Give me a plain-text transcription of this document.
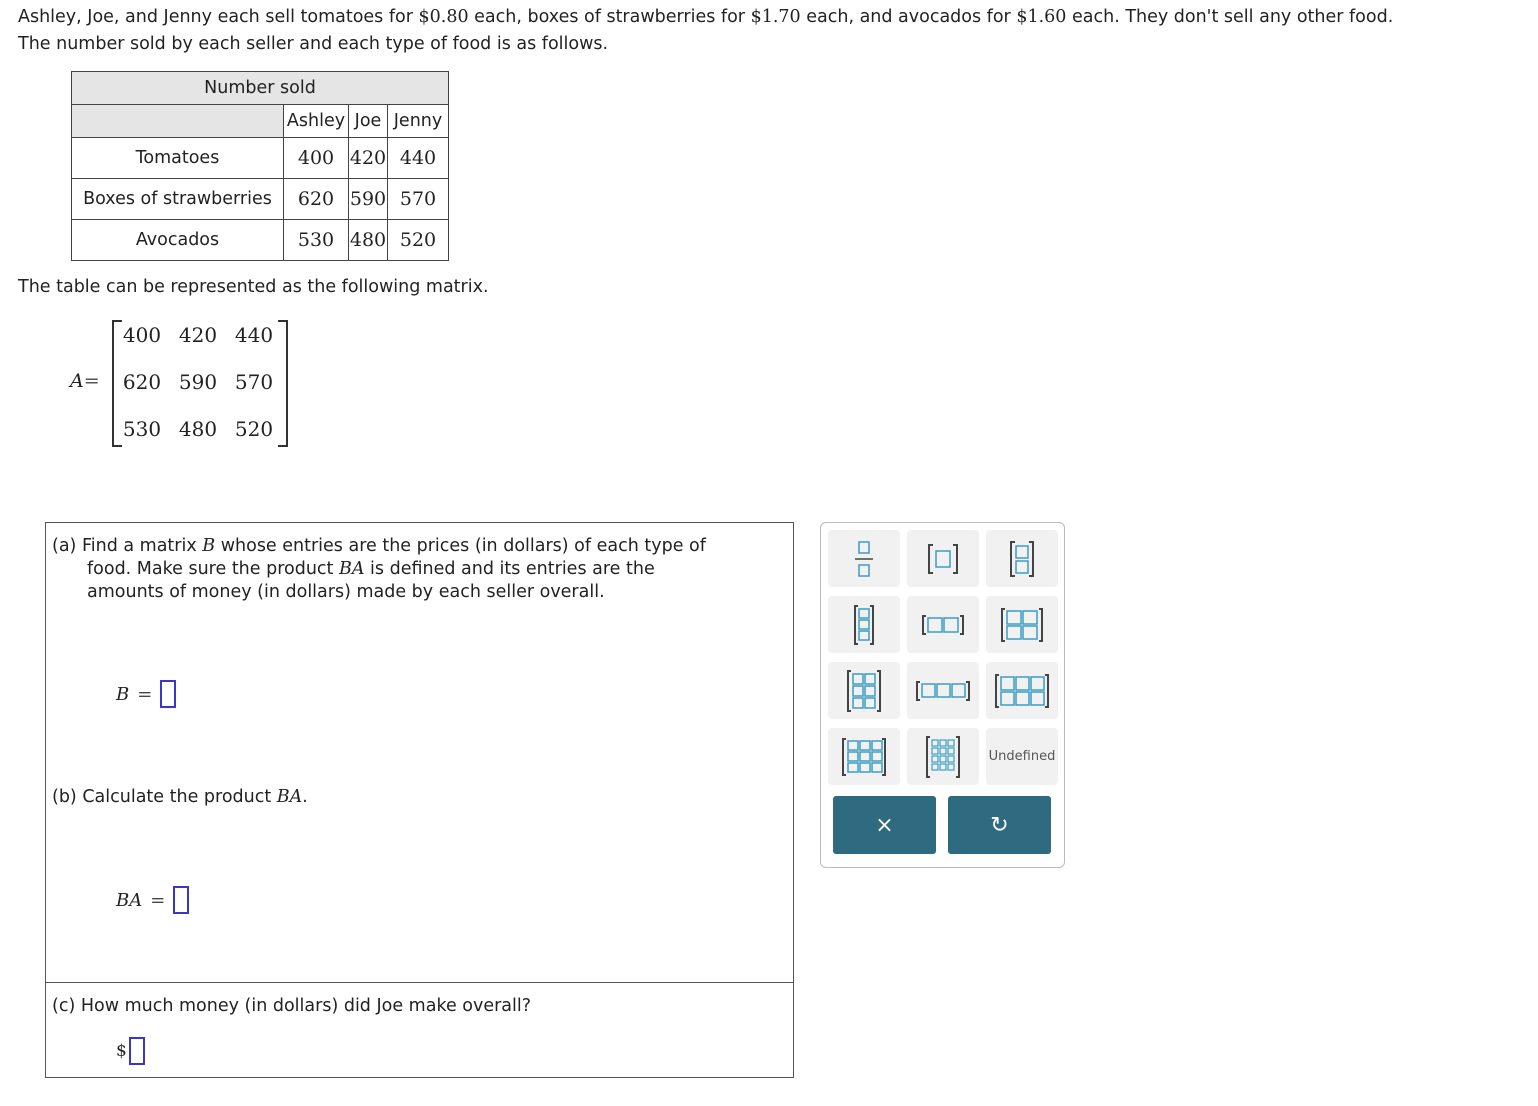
Ashley, Joe, and Jenny each sell tomatoes for $0.80 each, boxes of strawberries for $1.70 each, and avocados for $1.60 each. They don't sell any other food.
The number sold by each seller and each type of food is as follows.
Number sold			
	Ashley	Joe	Jenny
Tomatoes	400	420	440
Boxes of strawberries	620	590	570
Avocados	530	480	520
The table can be represented as the following matrix.
A=
400 420 440
620 590 570
530 480 520
(a) Find a matrix B whose entries are the prices (in dollars) of each type of
food. Make sure the product BA is defined and its entries are the
amounts of money (in dollars) made by each seller overall.
B =
(b) Calculate the product BA.
BA =
(c) How much money (in dollars) did Joe make overall?
$
Undefined
×	↻
